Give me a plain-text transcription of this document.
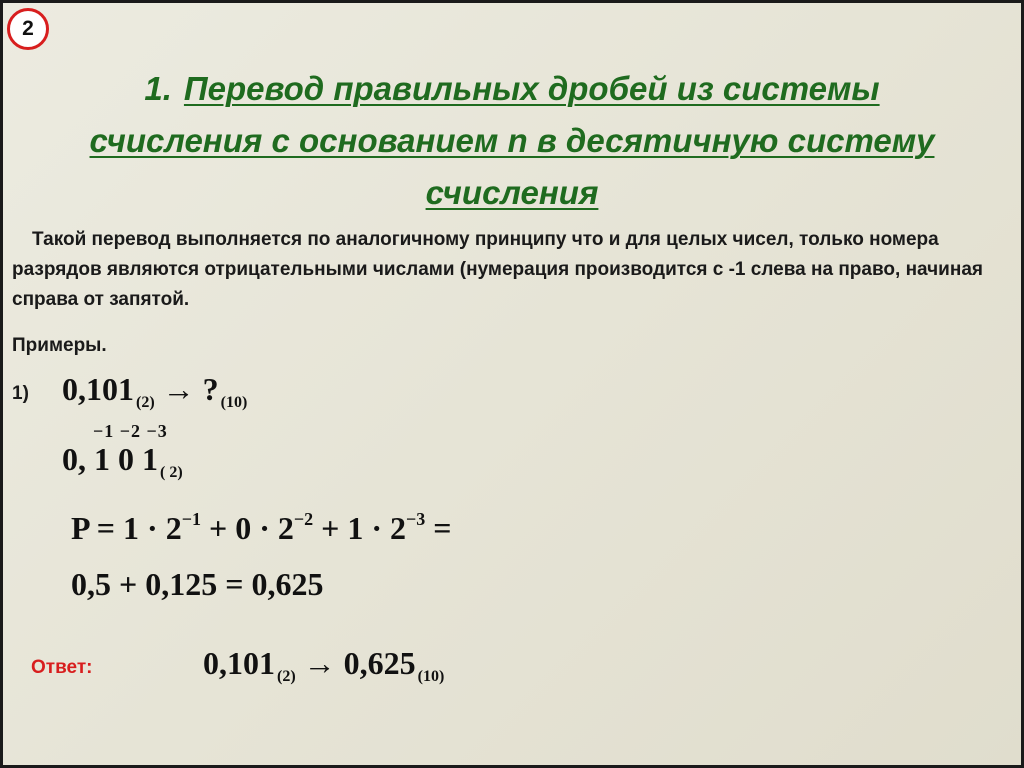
2
1. Перевод правильных дробей из системы
счисления с основанием n в десятичную систему
счисления
Такой перевод выполняется по аналогичному принципу что и для целых чисел, только номера разрядов являются отрицательными числами (нумерация производится с -1 слева на право, начиная справа от запятой.
Примеры.
1) 0,101 $_{(2)}$ → ? $_{(10)}$
−1 −2 −3
0, 1 0 1 $_{( 2)}$
$P = 1 \cdot 2^{-1} + 0 \cdot 2^{-2} + 1 \cdot 2^{-3}$ =
0,5 + 0,125 = 0,625
Ответ:	0,101 $_{(2)}$ → 0,625 $_{(10)}$
